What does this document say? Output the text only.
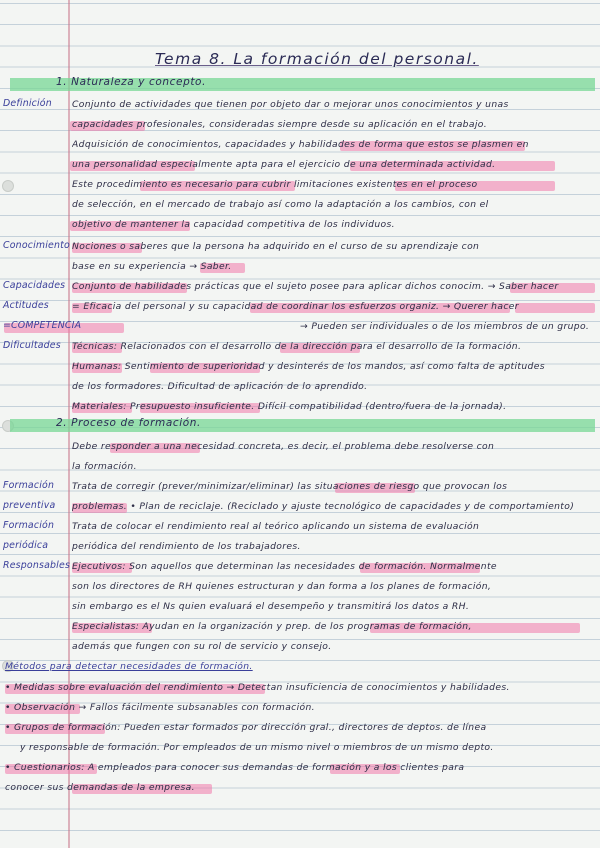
Tema 8. La formación del personal.
1. Naturaleza y concepto.
2. Proceso de formación.
Definición
Conocimiento
Capacidades
Actitudes
=COMPETENCIA
Dificultades
Formación
preventiva
Formación
periódica
Responsables
Conjunto de actividades que tienen por objeto dar o mejorar unos conocimientos y unas
capacidades profesionales, consideradas siempre desde su aplicación en el trabajo.
Adquisición de conocimientos, capacidades y habilidades de forma que estos se plasmen en
una personalidad especialmente apta para el ejercicio de una determinada actividad.
Este procedimiento es necesario para cubrir limitaciones existentes en el proceso
de selección, en el mercado de trabajo así como la adaptación a los cambios, con el
objetivo de mantener la capacidad competitiva de los individuos.
Nociones o saberes que la persona ha adquirido en el curso de su aprendizaje con
base en su experiencia → Saber.
Conjunto de habilidades prácticas que el sujeto posee para aplicar dichos conocim. → Saber hacer
= Eficacia del personal y su capacidad de coordinar los esfuerzos organiz. → Querer hacer
→ Pueden ser individuales o de los miembros de un grupo.
Técnicas: Relacionados con el desarrollo de la dirección para el desarrollo de la formación.
Humanas: Sentimiento de superioridad y desinterés de los mandos, así como falta de aptitudes
de los formadores. Dificultad de aplicación de lo aprendido.
Materiales: Presupuesto insuficiente. Difícil compatibilidad (dentro/fuera de la jornada).
Debe responder a una necesidad concreta, es decir, el problema debe resolverse con
la formación.
Trata de corregir (prever/minimizar/eliminar) las situaciones de riesgo que provocan los
problemas. • Plan de reciclaje. (Reciclado y ajuste tecnológico de capacidades y de comportamiento)
Trata de colocar el rendimiento real al teórico aplicando un sistema de evaluación
periódica del rendimiento de los trabajadores.
Ejecutivos: Son aquellos que determinan las necesidades de formación. Normalmente
son los directores de RH quienes estructuran y dan forma a los planes de formación,
sin embargo es el Ns quien evaluará el desempeño y transmitirá los datos a RH.
Especialistas: Ayudan en la organización y prep. de los programas de formación,
además que fungen con su rol de servicio y consejo.
Métodos para detectar necesidades de formación.
• Medidas sobre evaluación del rendimiento → Detectan insuficiencia de conocimientos y habilidades.
• Observación → Fallos fácilmente subsanables con formación.
• Grupos de formación: Pueden estar formados por dirección gral., directores de deptos. de línea
y responsable de formación. Por empleados de un mismo nivel o miembros de un mismo depto.
• Cuestionarios: A empleados para conocer sus demandas de formación y a los clientes para
conocer sus demandas de la empresa.
